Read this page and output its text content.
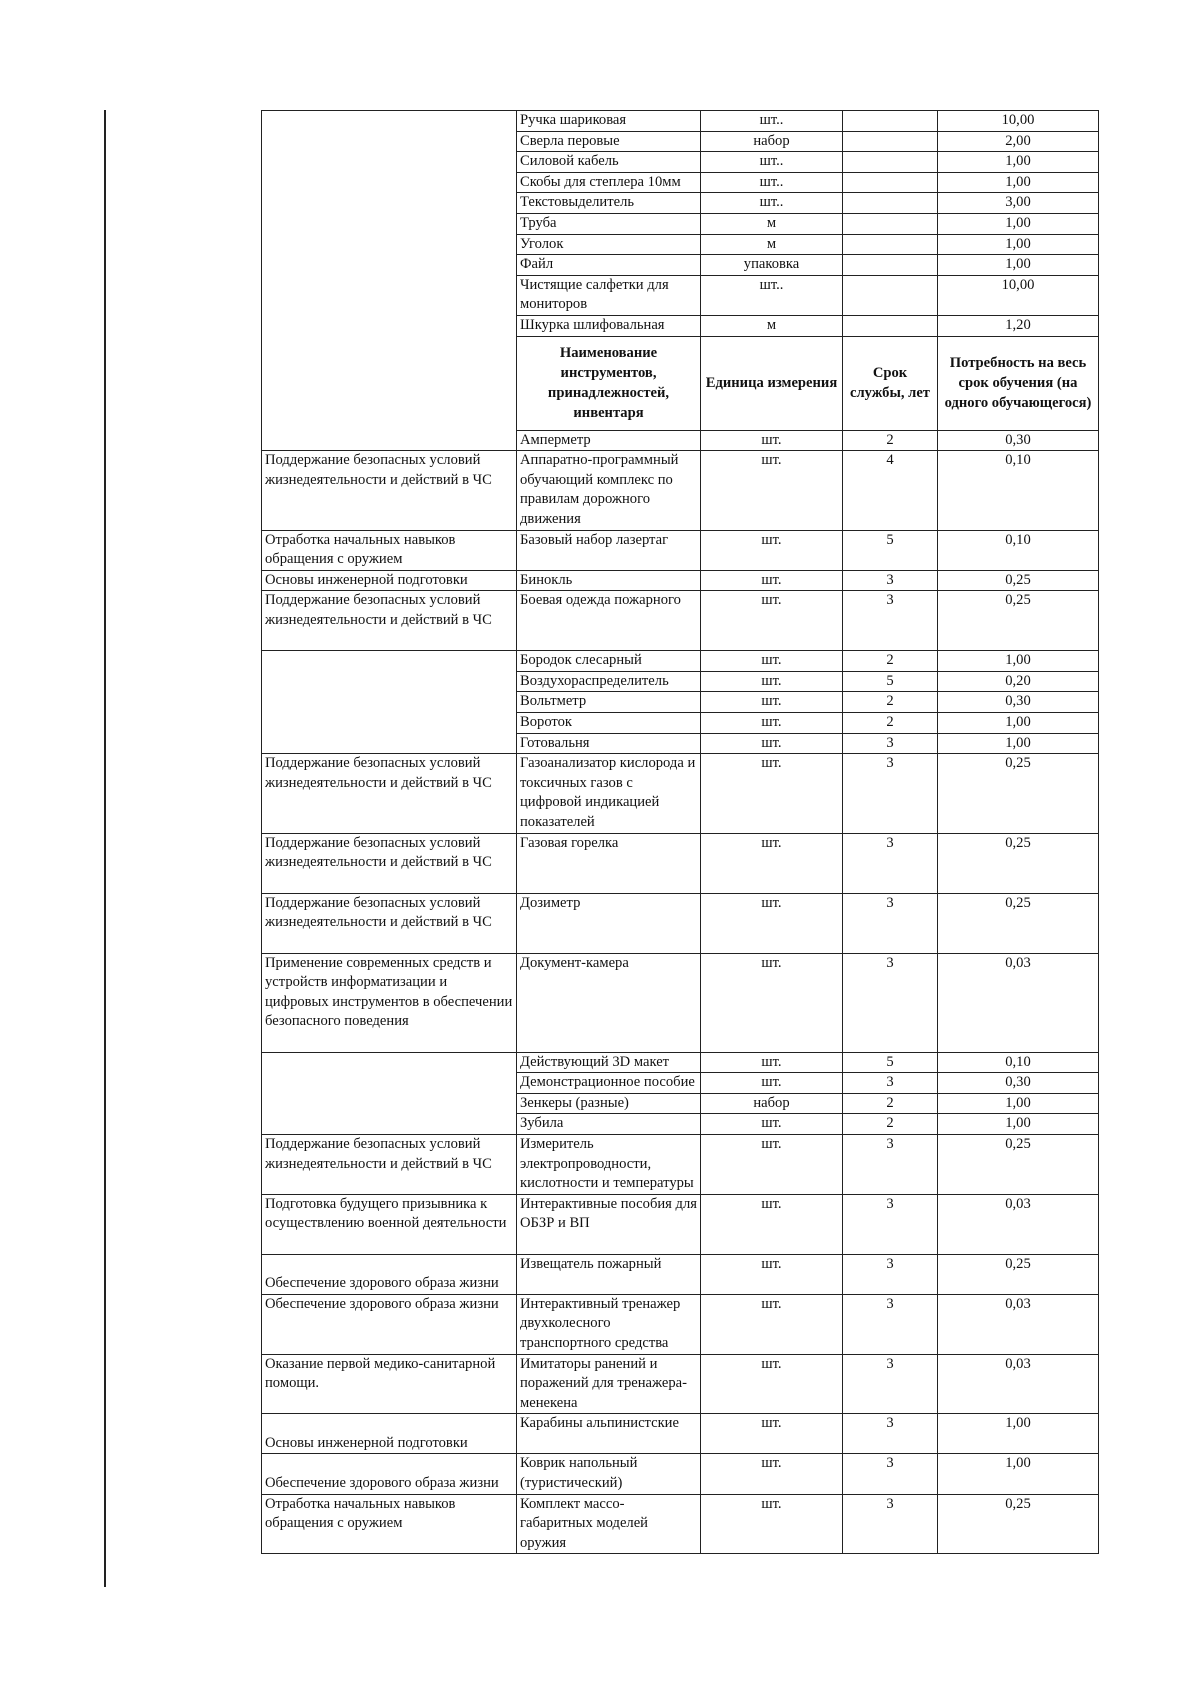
	Ручка шариковая	шт..		10,00
	Сверла перовые	набор		2,00
	Силовой кабель	шт..		1,00
	Скобы для степлера 10мм	шт..		1,00
	Текстовыделитель	шт..		3,00
	Труба	м		1,00
	Уголок	м		1,00
	Файл	упаковка		1,00
	Чистящие салфетки для мониторов	шт..		10,00
	Шкурка шлифовальная	м		1,20
	Наименование инструментов, принадлежностей, инвентаря	Единица измерения	Срок службы, лет	Потребность на весь срок обучения (на одного обучающегося)
	Амперметр	шт.	2	0,30
Поддержание безопасных условий жизнедеятельности и действий в ЧС	Аппаратно-программный обучающий комплекс по правилам дорожного движения	шт.	4	0,10
Отработка начальных навыков обращения с оружием	Базовый набор лазертаг	шт.	5	0,10
Основы инженерной подготовки	Бинокль	шт.	3	0,25
Поддержание безопасных условий жизнедеятельности и действий в ЧС	Боевая одежда пожарного	шт.	3	0,25
	Бородок слесарный	шт.	2	1,00
	Воздухораспределитель	шт.	5	0,20
	Вольтметр	шт.	2	0,30
	Вороток	шт.	2	1,00
	Готовальня	шт.	3	1,00
Поддержание безопасных условий жизнедеятельности и действий в ЧС	Газоанализатор кислорода и токсичных газов с цифровой индикацией показателей	шт.	3	0,25
Поддержание безопасных условий жизнедеятельности и действий в ЧС	Газовая горелка	шт.	3	0,25
Поддержание безопасных условий жизнедеятельности и действий в ЧС	Дозиметр	шт.	3	0,25
Применение современных средств и устройств информатизации и цифровых инструментов в обеспечении безопасного поведения	Документ-камера	шт.	3	0,03
	Действующий 3D макет	шт.	5	0,10
	Демонстрационное пособие	шт.	3	0,30
	Зенкеры (разные)	набор	2	1,00
	Зубила	шт.	2	1,00
Поддержание безопасных условий жизнедеятельности и действий в ЧС	Измеритель электропроводности, кислотности и температуры	шт.	3	0,25
Подготовка будущего призывника к осуществлению военной деятельности	Интерактивные пособия для ОБЗР и ВП	шт.	3	0,03
Обеспечение здорового образа жизни	Извещатель пожарный	шт.	3	0,25
Обеспечение здорового образа жизни	Интерактивный тренажер двухколесного транспортного средства	шт.	3	0,03
Оказание первой медико-санитарной помощи.	Имитаторы ранений и поражений для тренажера-менекена	шт.	3	0,03
Основы инженерной подготовки	Карабины альпинистские	шт.	3	1,00
Обеспечение здорового образа жизни	Коврик напольный (туристический)	шт.	3	1,00
Отработка начальных навыков обращения с оружием	Комплект массо-габаритных моделей оружия	шт.	3	0,25
